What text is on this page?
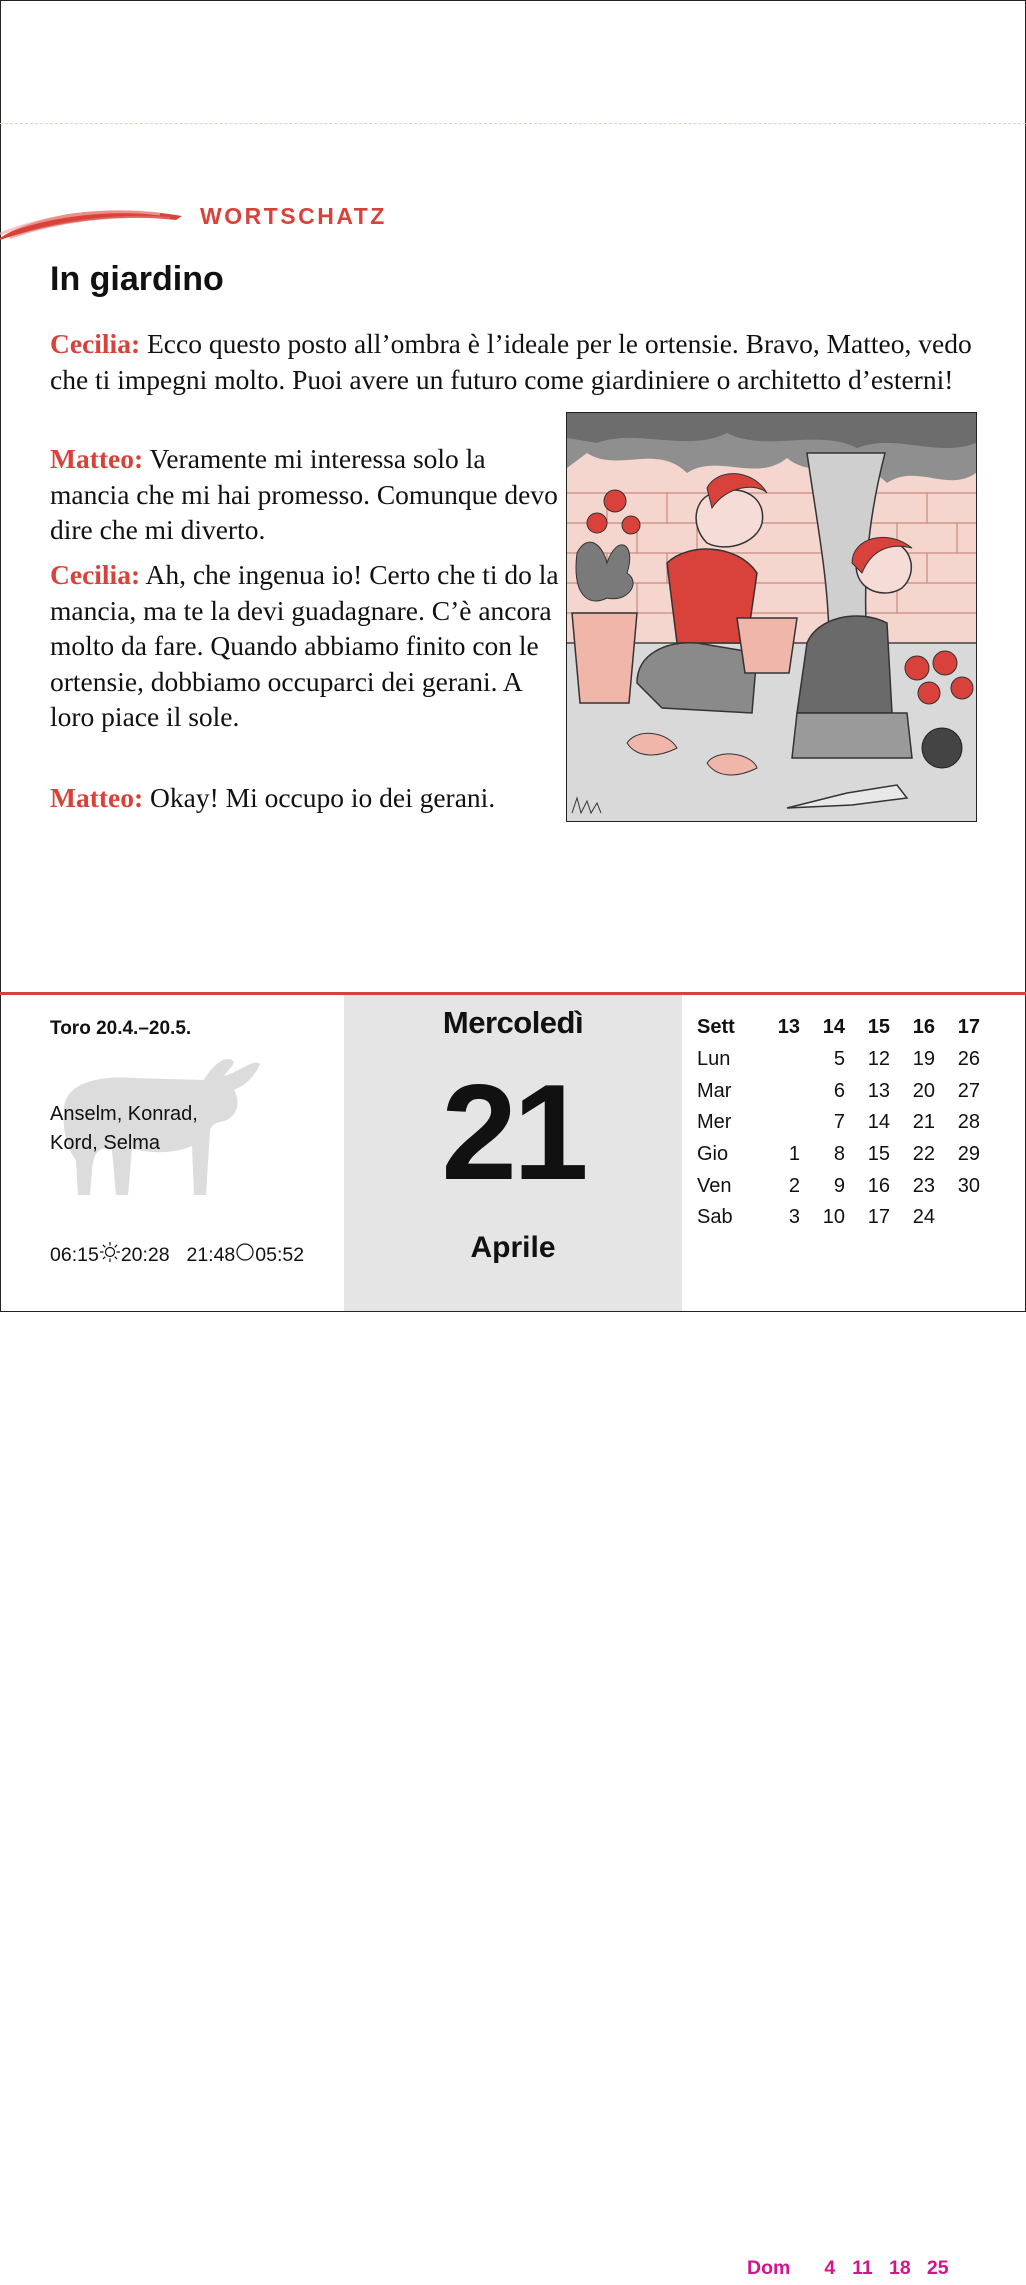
WORTSCHATZ
In giardino
Cecilia: Ecco questo posto all’ombra è l’ideale per le ortensie. Bravo, Matteo, vedo che ti impegni molto. Puoi avere un futuro come giardiniere o architetto d’esterni!
Matteo: Veramente mi interessa solo la mancia che mi hai promesso. Comunque devo dire che mi diverto.
Cecilia: Ah, che ingenua io! Certo che ti do la mancia, ma te la devi guadagnare. C’è ancora molto da fare. Quando abbiamo finito con le ortensie, dobbiamo occuparci dei gerani. A loro piace il sole.
Matteo: Okay! Mi occupo io dei gerani.
Toro 20.4.–20.5.
Anselm, Konrad,
Kord, Selma
06:15 20:28 21:48 05:52
Mercoledì
21
Aprile
Sett	13	14	15	16	17
Lun		5	12	19	26
Mar		6	13	20	27
Mer		7	14	21	28
Gio	1	8	15	22	29
Ven	2	9	16	23	30
Sab	3	10	17	24	

Dom	4	11	18	25	
